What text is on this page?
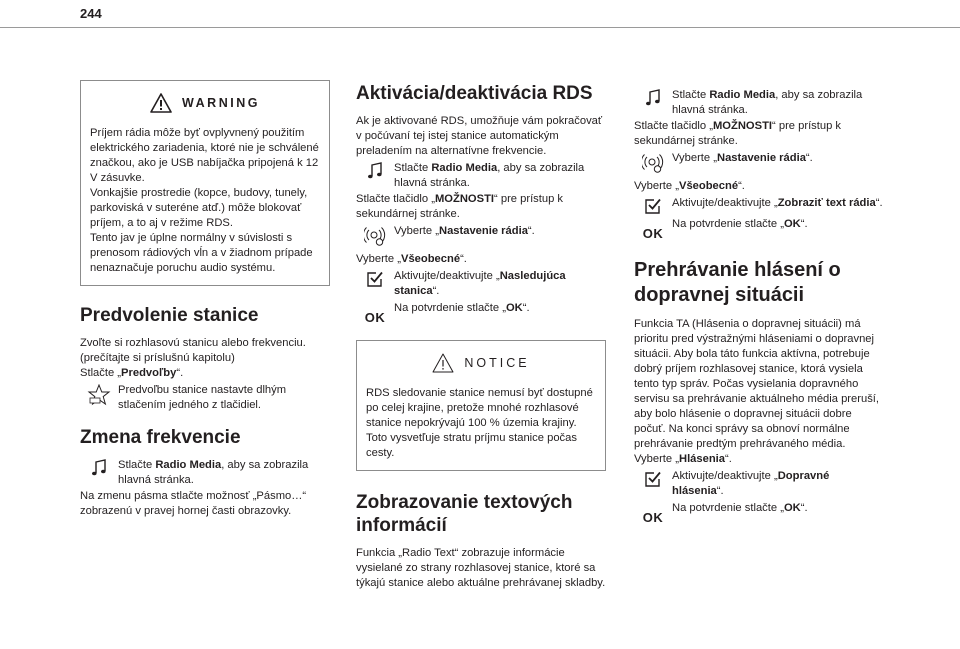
244
WARNING

Príjem rádia môže byť ovplyvnený použitím elektrického zariadenia, ktoré nie je schválené značkou, ako je USB nabíjačka pripojená k 12 V zásuvke.
Vonkajšie prostredie (kopce, budovy, tunely, parkoviská v suteréne atď.) môže blokovať príjem, a to aj v režime RDS.
Tento jav je úplne normálny v súvislosti s prenosom rádiových vĺn a v žiadnom prípade nenaznačuje poruchu audio systému.

Predvolenie stanice

Zvoľte si rozhlasovú stanicu alebo frekvenciu.
(prečítajte si príslušnú kapitolu)

Stlačte „Predvoľby“.

Predvoľbu stanice nastavte dlhým stlačením jedného z tlačidiel.
Zmena frekvencie
Stlačte Radio Media, aby sa zobrazila hlavná stránka.

Na zmenu pásma stlačte možnosť „Pásmo…“ zobrazenú v pravej hornej časti obrazovky.

Aktivácia/deaktivácia RDS

Ak je aktivované RDS, umožňuje vám pokračovať v počúvaní tej istej stanice automatickým preladením na alternatívne frekvencie.

Stlačte Radio Media, aby sa zobrazila hlavná stránka.

Stlačte tlačidlo „MOŽNOSTI“ pre prístup k sekundárnej stránke.

Vyberte „Nastavenie rádia“.

Vyberte „Všeobecné“.

Aktivujte/deaktivujte „Nasledujúca stanica“.
OK
Na potvrdenie stlačte „OK“.
NOTICE

RDS sledovanie stanice nemusí byť dostupné po celej krajine, pretože mnohé rozhlasové stanice nepokrývajú 100 % územia krajiny. Toto vysvetľuje stratu príjmu stanice počas cesty.

Zobrazovanie textových informácií

Funkcia „Radio Text“ zobrazuje informácie vysielané zo strany rozhlasovej stanice, ktoré sa týkajú stanice alebo aktuálne prehrávanej skladby.

Stlačte Radio Media, aby sa zobrazila hlavná stránka.

Stlačte tlačidlo „MOŽNOSTI“ pre prístup k sekundárnej stránke.

Vyberte „Nastavenie rádia“.

Vyberte „Všeobecné“.

Aktivujte/deaktivujte „Zobraziť text rádia“.
OK
Na potvrdenie stlačte „OK“.
Prehrávanie hlásení o dopravnej situácii

Funkcia TA (Hlásenia o dopravnej situácii) má prioritu pred výstražnými hláseniami o dopravnej situácii. Aby bola táto funkcia aktívna, potrebuje dobrý príjem rozhlasovej stanice, ktorá vysiela tento typ správ. Počas vysielania dopravného servisu sa prehrávanie aktuálneho média preruší, aby bolo hlásenie o dopravnej situácii dobre počuť. Na konci správy sa obnoví normálne prehrávanie predtým prehrávaného média.

Vyberte „Hlásenia“.

Aktivujte/deaktivujte „Dopravné hlásenia“.
OK
Na potvrdenie stlačte „OK“.
